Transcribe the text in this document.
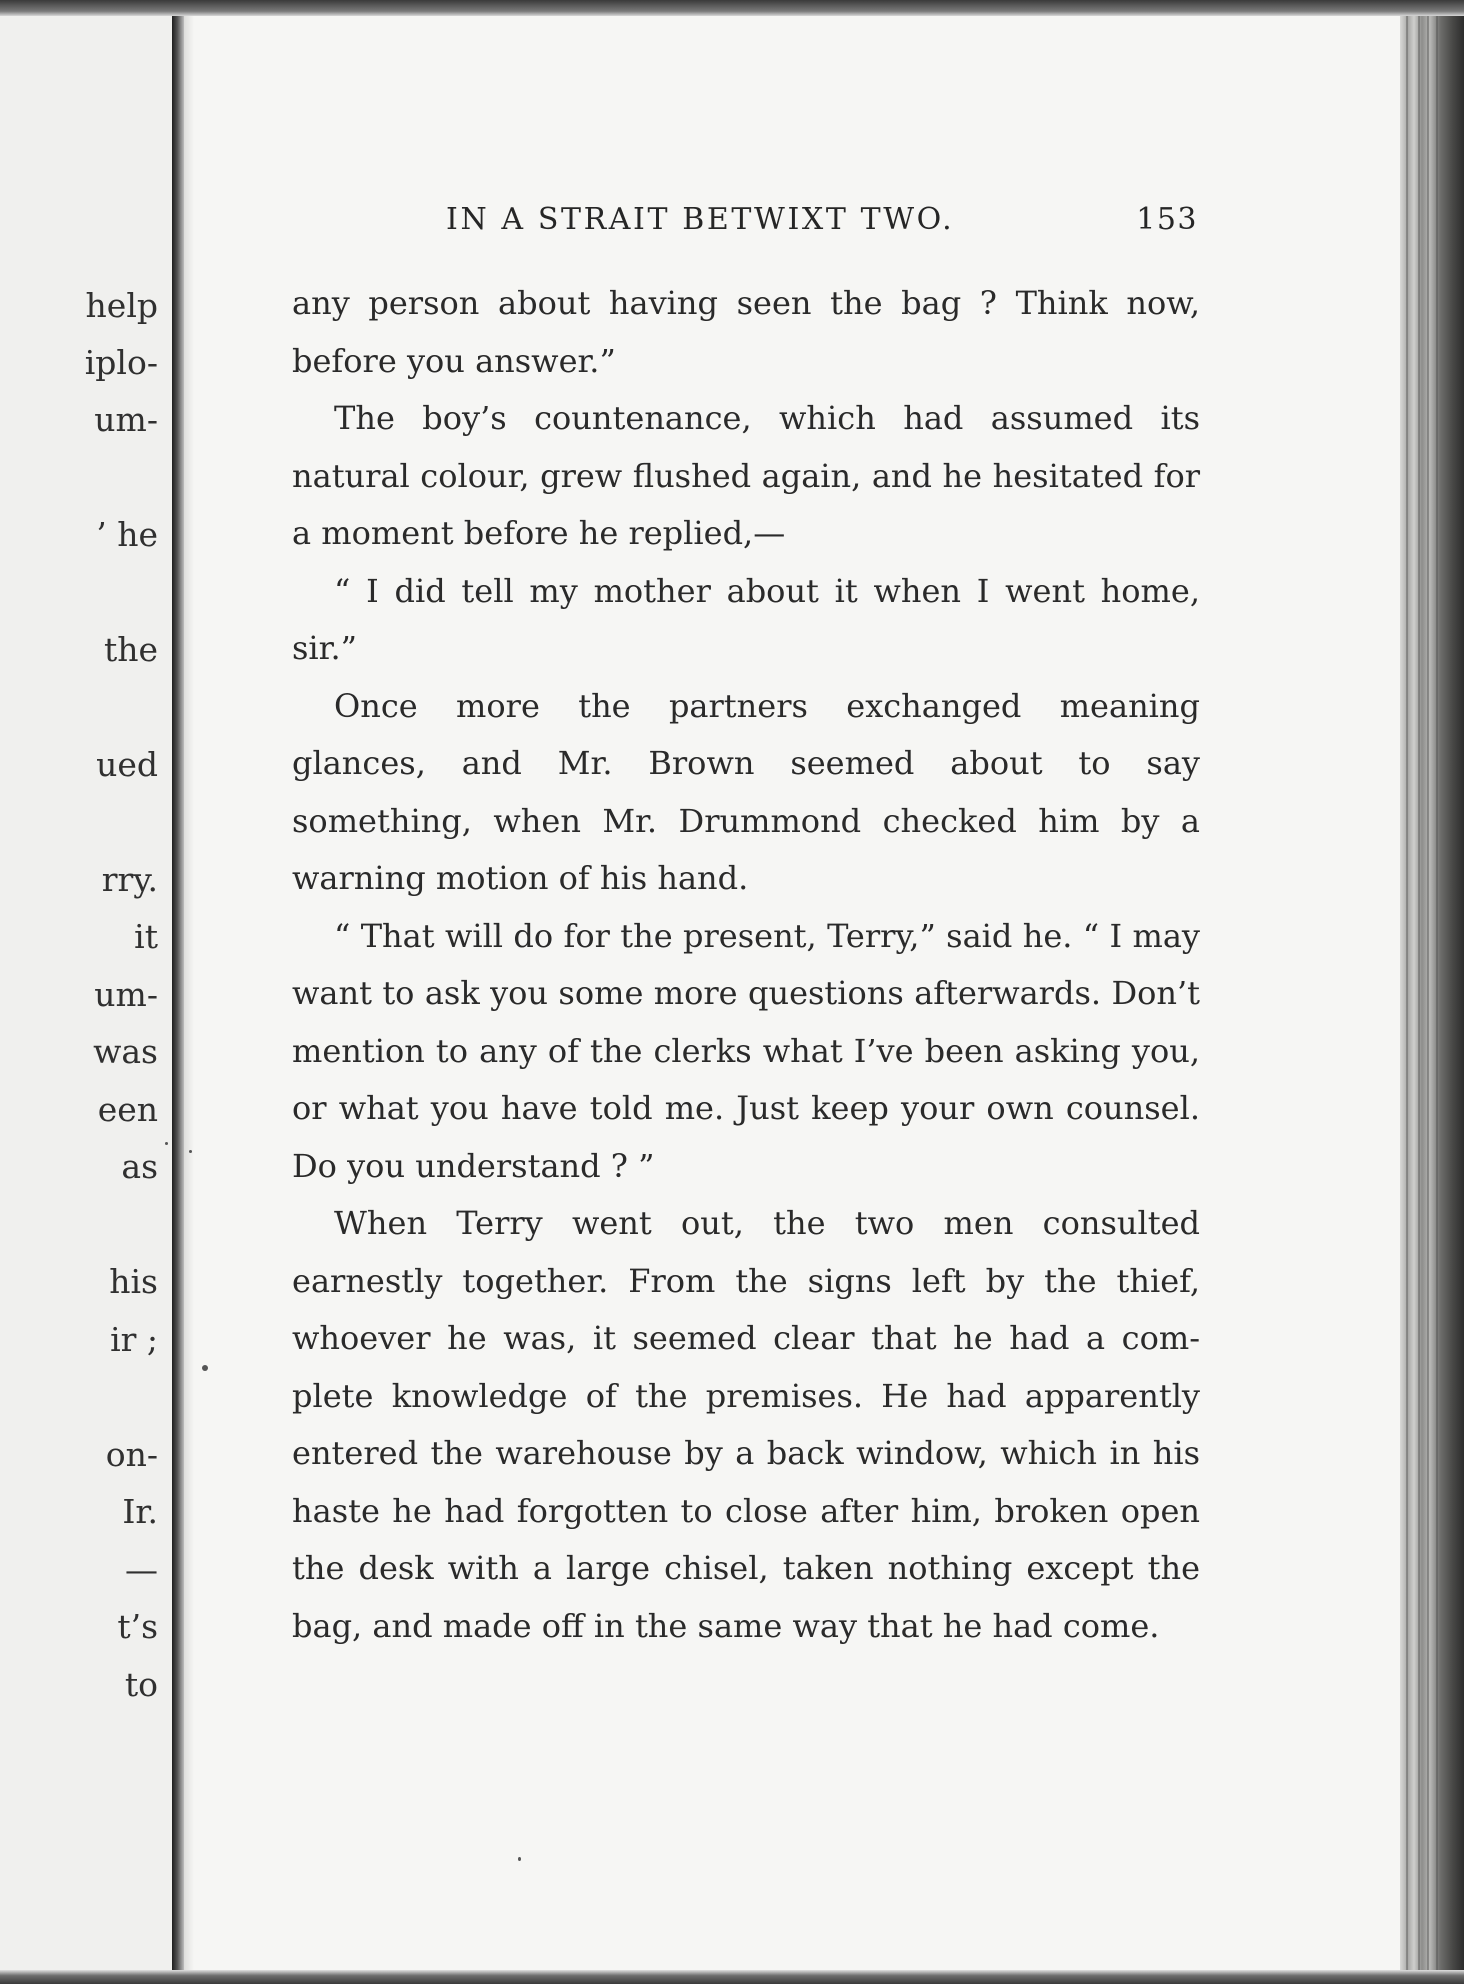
help
iplo-
um-
’ he
the
ued
rry.
it
um-
was
een
as
his
ir ;
on-
Ir.
—
t’s
to
IN A STRAIT BETWIXT TWO.	153

any person about having seen the bag ? Think now, before you answer.”

The boy’s countenance, which had assumed its natural colour, grew flushed again, and he hesitated for a moment before he replied,—

“ I did tell my mother about it when I went home, sir.”

Once more the partners exchanged meaning glances, and Mr. Brown seemed about to say something, when Mr. Drummond checked him by a warning motion of his hand.

“ That will do for the present, Terry,” said he. “ I may want to ask you some more questions afterwards. Don’t mention to any of the clerks what I’ve been asking you, or what you have told me. Just keep your own counsel. Do you understand ? ”

When Terry went out, the two men consulted earnestly together. From the signs left by the thief, whoever he was, it seemed clear that he had a com-plete knowledge of the premises. He had apparently entered the warehouse by a back window, which in his haste he had forgotten to close after him, broken open the desk with a large chisel, taken nothing except the bag, and made off in the same way that he had come.
